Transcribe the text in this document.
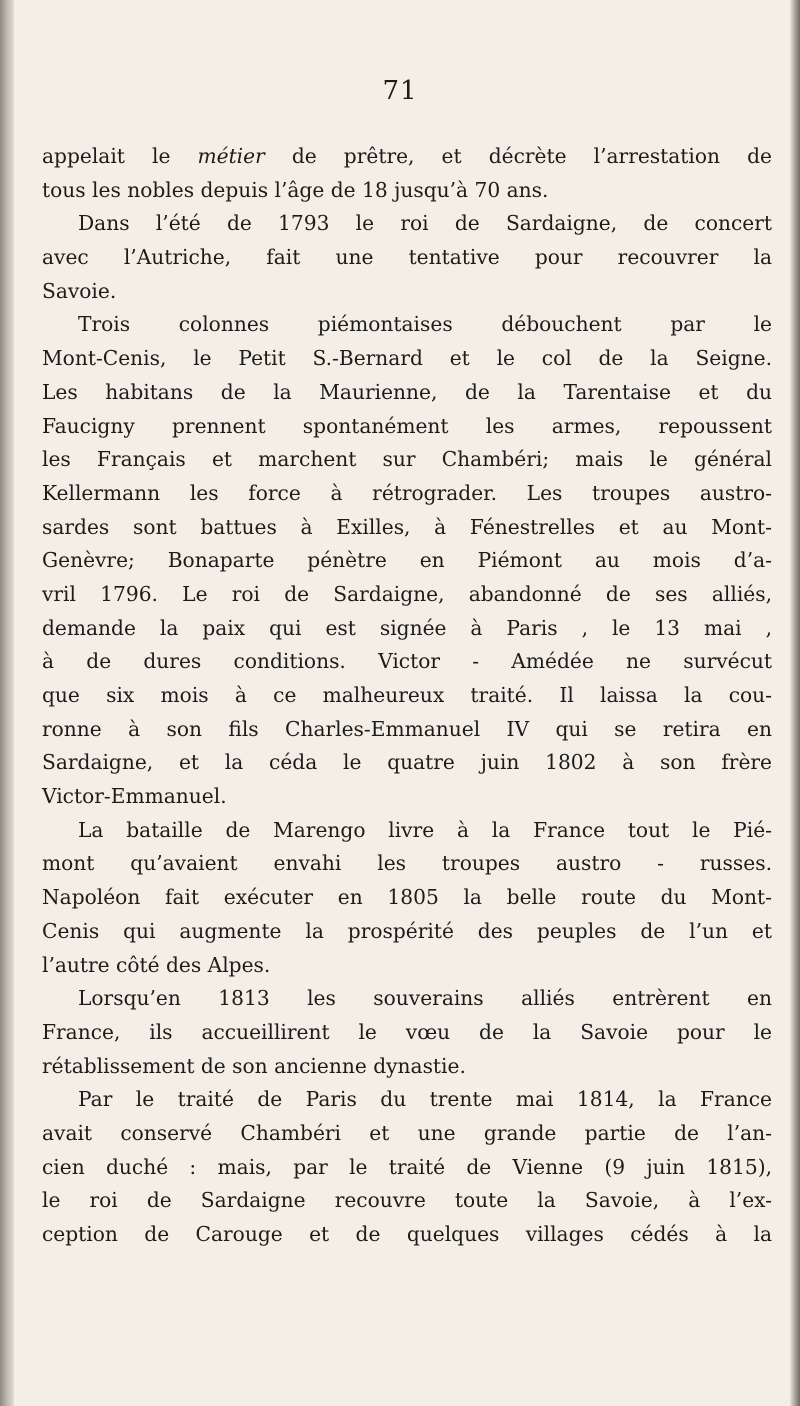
71
appelait le métier de prêtre, et décrète l’arrestation de
tous les nobles depuis l’âge de 18 jusqu’à 70 ans.
Dans l’été de 1793 le roi de Sardaigne, de concert
avec l’Autriche, fait une tentative pour recouvrer la
Savoie.
Trois colonnes piémontaises débouchent par le
Mont-Cenis, le Petit S.-Bernard et le col de la Seigne.
Les habitans de la Maurienne, de la Tarentaise et du
Faucigny prennent spontanément les armes, repoussent
les Français et marchent sur Chambéri; mais le général
Kellermann les force à rétrograder. Les troupes austro-
sardes sont battues à Exilles, à Fénestrelles et au Mont-
Genèvre; Bonaparte pénètre en Piémont au mois d’a-
vril 1796. Le roi de Sardaigne, abandonné de ses alliés,
demande la paix qui est signée à Paris , le 13 mai ,
à de dures conditions. Victor - Amédée ne survécut
que six mois à ce malheureux traité. Il laissa la cou-
ronne à son fils Charles-Emmanuel IV qui se retira en
Sardaigne, et la céda le quatre juin 1802 à son frère
Victor-Emmanuel.
La bataille de Marengo livre à la France tout le Pié-
mont qu’avaient envahi les troupes austro - russes.
Napoléon fait exécuter en 1805 la belle route du Mont-
Cenis qui augmente la prospérité des peuples de l’un et
l’autre côté des Alpes.
Lorsqu’en 1813 les souverains alliés entrèrent en
France, ils accueillirent le vœu de la Savoie pour le
rétablissement de son ancienne dynastie.
Par le traité de Paris du trente mai 1814, la France
avait conservé Chambéri et une grande partie de l’an-
cien duché : mais, par le traité de Vienne (9 juin 1815),
le roi de Sardaigne recouvre toute la Savoie, à l’ex-
ception de Carouge et de quelques villages cédés à la
